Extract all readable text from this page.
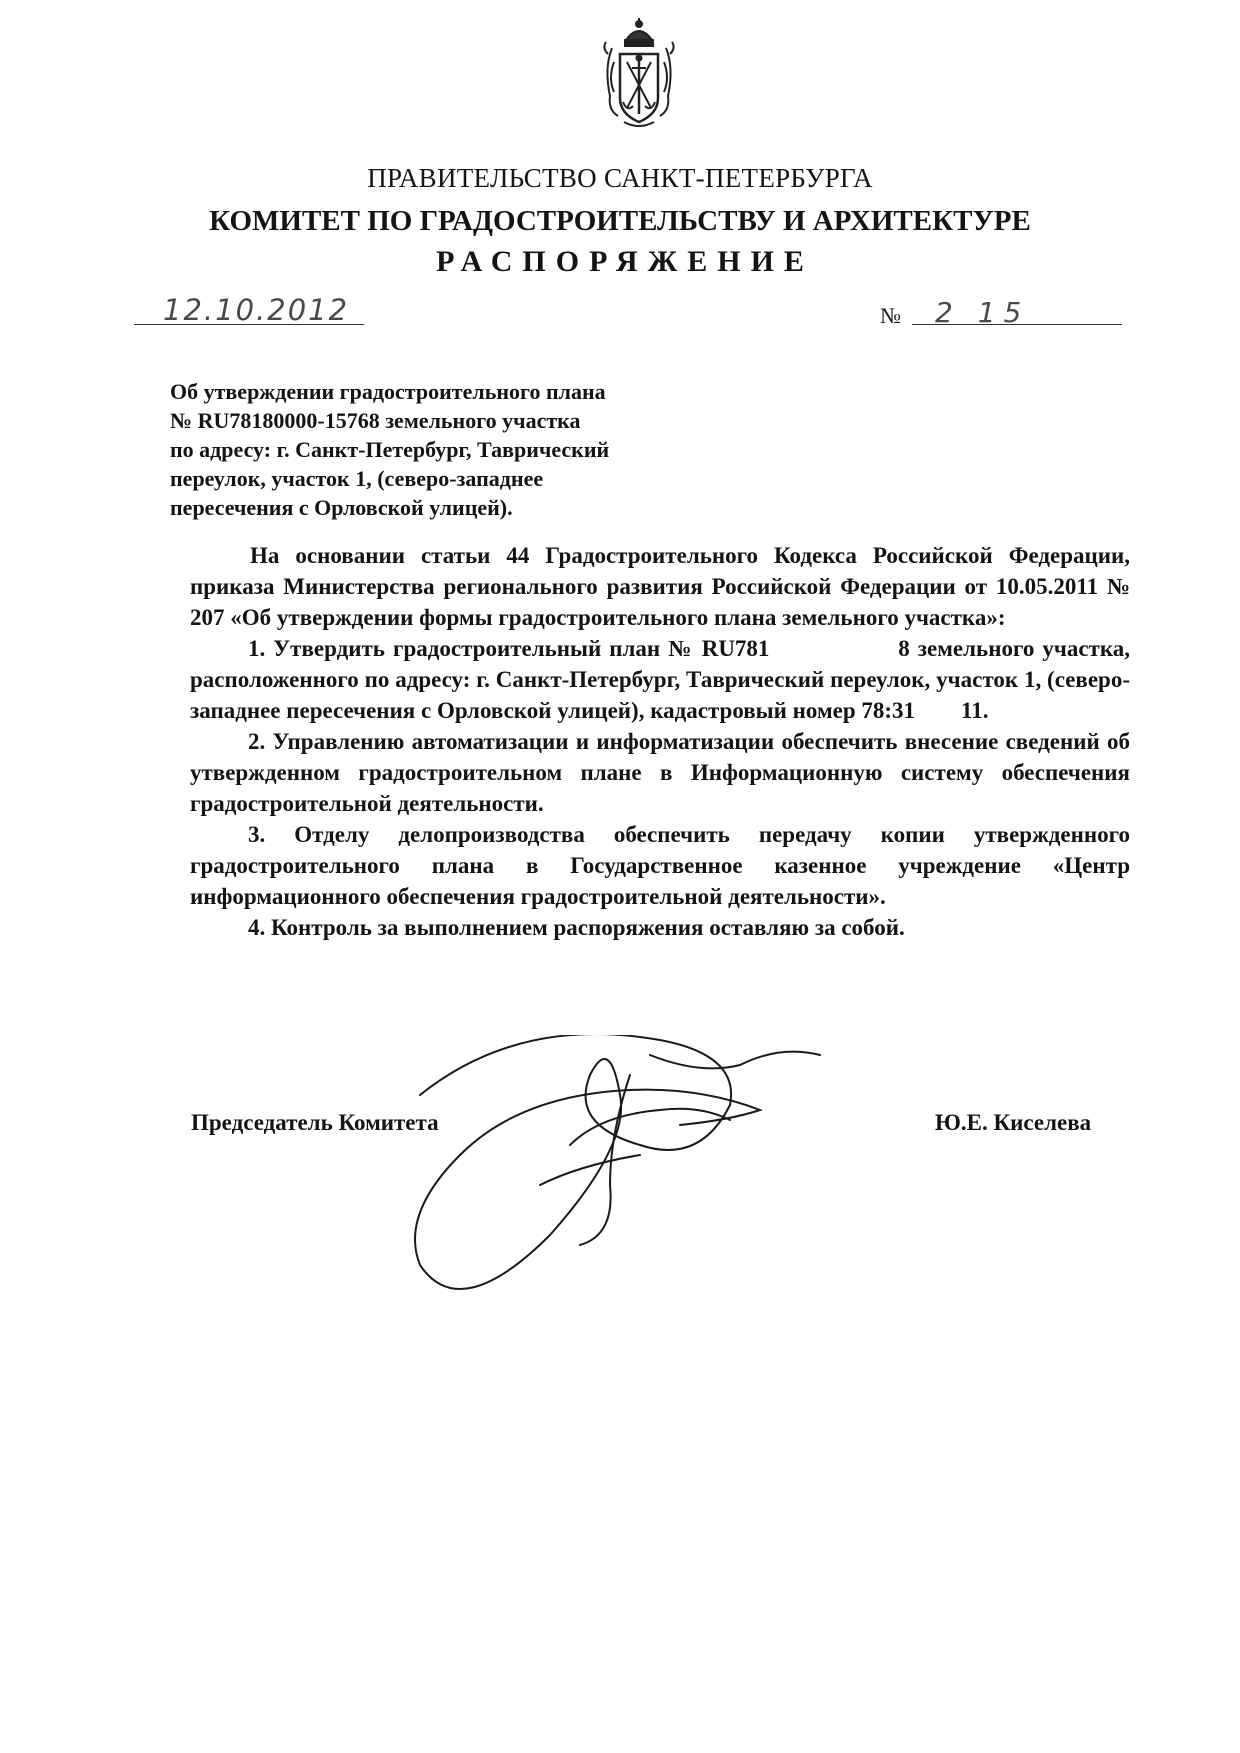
ПРАВИТЕЛЬСТВО САНКТ-ПЕТЕРБУРГА
КОМИТЕТ ПО ГРАДОСТРОИТЕЛЬСТВУ И АРХИТЕКТУРЕ
РАСПОРЯЖЕНИЕ
12.10.2012	№ 2 15
Об утверждении градостроительного плана
№ RU78180000-15768 земельного участка
по адресу: г. Санкт-Петербург, Таврический
переулок, участок 1, (северо-западнее
пересечения с Орловской улицей).

На основании статьи 44 Градостроительного Кодекса Российской Федерации, приказа Министерства регионального развития Российской Федерации от 10.05.2011 № 207 «Об утверждении формы градостроительного плана земельного участка»:

1. Утвердить градостроительный план № RU781                8 земельного участка, расположенного по адресу: г. Санкт-Петербург, Таврический переулок, участок 1, (северо-западнее пересечения с Орловской улицей), кадастровый номер 78:31        11.

2. Управлению автоматизации и информатизации обеспечить внесение сведений об утвержденном градостроительном плане в Информационную систему обеспечения градостроительной деятельности.

3. Отделу делопроизводства обеспечить передачу копии утвержденного градостроительного плана в Государственное казенное учреждение «Центр информационного обеспечения градостроительной деятельности».

4. Контроль за выполнением распоряжения оставляю за собой.

Председатель Комитета	Ю.Е. Киселева
